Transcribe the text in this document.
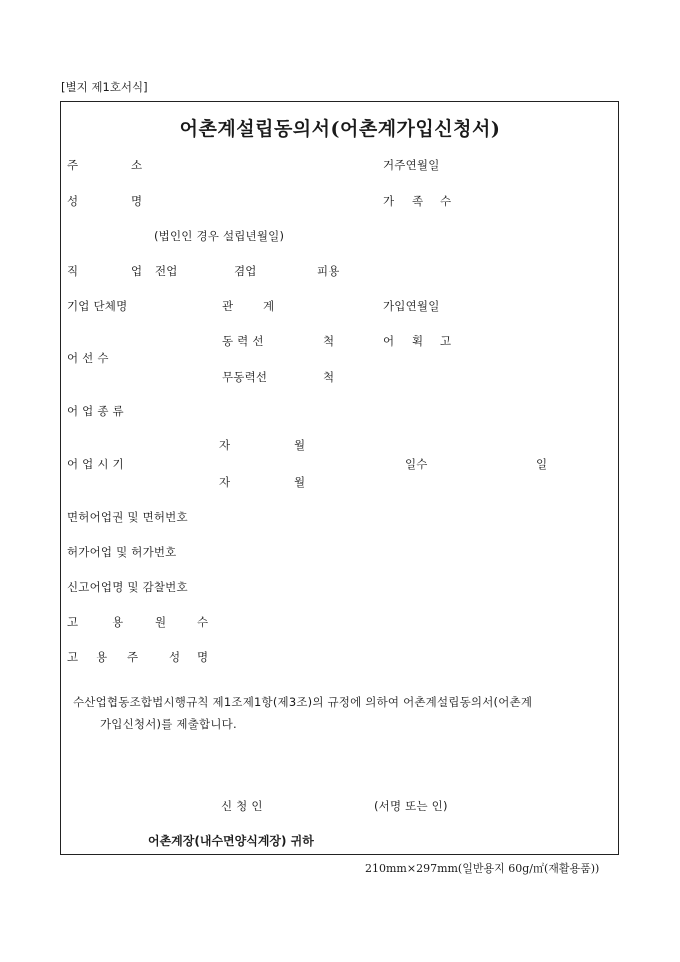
[별지 제1호서식]
어촌계설립동의서(어촌계가입신청서)
주	소	거주연월일
성	명	가 족 수
(법인인 경우 설립년월일)
직	업 전업	겸업	피용
기업 단체명	관	계	가입연월일
동 력 선	척	어 획 고
어 선 수
무동력선	척
어 업 종 류
자	월
어 업 시 기	일수	일
자	월
면허어업권 및 면허번호
허가어업 및 허가번호
신고어업명 및 감찰번호
고	용	원	수
고 용 주	성 명
수산업협동조합법시행규칙 제1조제1항(제3조)의 규정에 의하여 어촌계설립동의서(어촌계
가입신청서)를 제출합니다.
신 청 인	(서명 또는 인)
어촌계장(내수면양식계장) 귀하
210mm×297mm(일반용지 60g/㎡(재활용품))
